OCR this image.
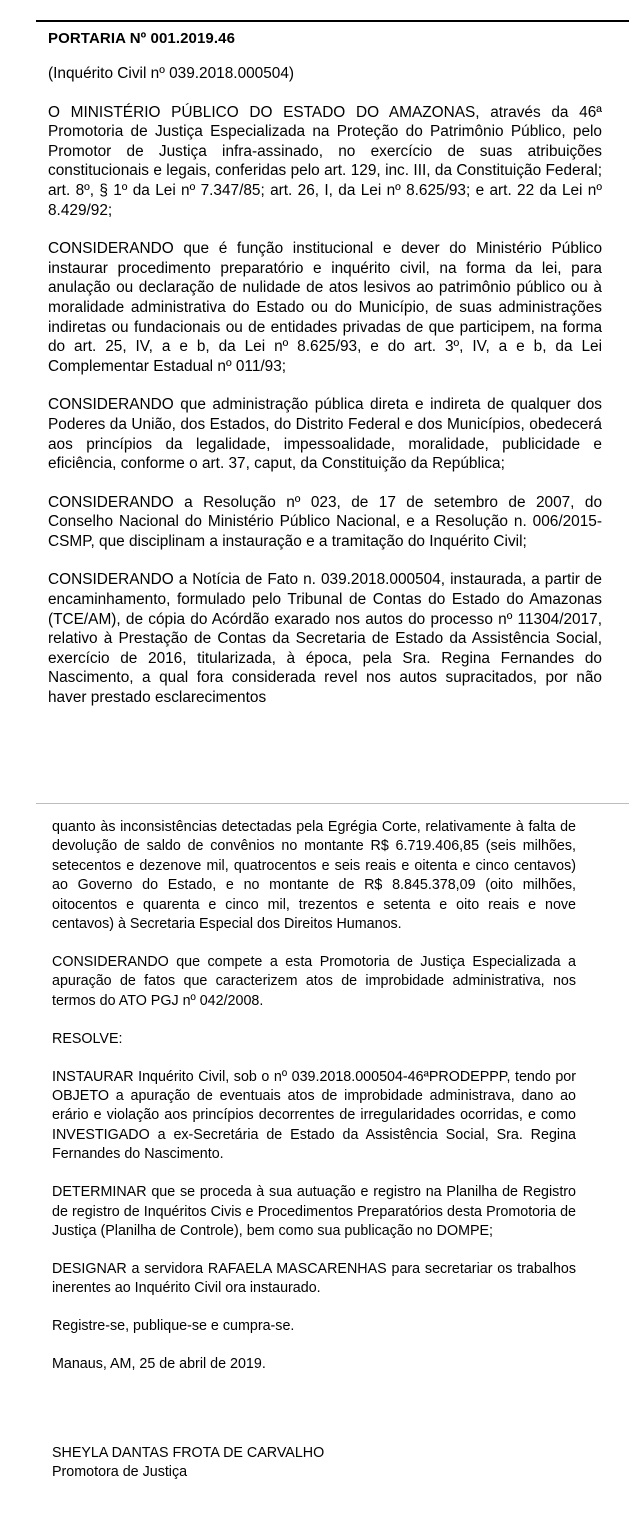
PORTARIA Nº 001.2019.46

(Inquérito Civil nº 039.2018.000504)

O MINISTÉRIO PÚBLICO DO ESTADO DO AMAZONAS, através da 46ª Promotoria de Justiça Especializada na Proteção do Patrimônio Público, pelo Promotor de Justiça infra-assinado, no exercício de suas atribuições constitucionais e legais, conferidas pelo art. 129, inc. III, da Constituição Federal; art. 8º, § 1º da Lei nº 7.347/85; art. 26, I, da Lei nº 8.625/93; e art. 22 da Lei nº 8.429/92;

CONSIDERANDO que é função institucional e dever do Ministério Público instaurar procedimento preparatório e inquérito civil, na forma da lei, para anulação ou declaração de nulidade de atos lesivos ao patrimônio público ou à moralidade administrativa do Estado ou do Município, de suas administrações indiretas ou fundacionais ou de entidades privadas de que participem, na forma do art. 25, IV, a e b, da Lei nº 8.625/93, e do art. 3º, IV, a e b, da Lei Complementar Estadual nº 011/93;

CONSIDERANDO que administração pública direta e indireta de qualquer dos Poderes da União, dos Estados, do Distrito Federal e dos Municípios, obedecerá aos princípios da legalidade, impessoalidade, moralidade, publicidade e eficiência, conforme o art. 37, caput, da Constituição da República;

CONSIDERANDO a Resolução nº 023, de 17 de setembro de 2007, do Conselho Nacional do Ministério Público Nacional, e a Resolução n. 006/2015-CSMP, que disciplinam a instauração e a tramitação do Inquérito Civil;

CONSIDERANDO a Notícia de Fato n. 039.2018.000504, instaurada, a partir de encaminhamento, formulado pelo Tribunal de Contas do Estado do Amazonas (TCE/AM), de cópia do Acórdão exarado nos autos do processo nº 11304/2017, relativo à Prestação de Contas da Secretaria de Estado da Assistência Social, exercício de 2016, titularizada, à época, pela Sra. Regina Fernandes do Nascimento, a qual fora considerada revel nos autos supracitados, por não haver prestado esclarecimentos

quanto às inconsistências detectadas pela Egrégia Corte, relativamente à falta de devolução de saldo de convênios no montante R$ 6.719.406,85 (seis milhões, setecentos e dezenove mil, quatrocentos e seis reais e oitenta e cinco centavos) ao Governo do Estado, e no montante de R$ 8.845.378,09 (oito milhões, oitocentos e quarenta e cinco mil, trezentos e setenta e oito reais e nove centavos) à Secretaria Especial dos Direitos Humanos.

CONSIDERANDO que compete a esta Promotoria de Justiça Especializada a apuração de fatos que caracterizem atos de improbidade administrativa, nos termos do ATO PGJ nº 042/2008.

RESOLVE:

INSTAURAR Inquérito Civil, sob o nº 039.2018.000504-46ªPRODEPPP, tendo por OBJETO a apuração de eventuais atos de improbidade administrava, dano ao erário e violação aos princípios decorrentes de irregularidades ocorridas, e como INVESTIGADO a ex-Secretária de Estado da Assistência Social, Sra. Regina Fernandes do Nascimento.

DETERMINAR que se proceda à sua autuação e registro na Planilha de Registro de registro de Inquéritos Civis e Procedimentos Preparatórios desta Promotoria de Justiça (Planilha de Controle), bem como sua publicação no DOMPE;

DESIGNAR a servidora RAFAELA MASCARENHAS para secretariar os trabalhos inerentes ao Inquérito Civil ora instaurado.

Registre-se, publique-se e cumpra-se.

Manaus, AM, 25 de abril de 2019.

SHEYLA DANTAS FROTA DE CARVALHO
Promotora de Justiça
